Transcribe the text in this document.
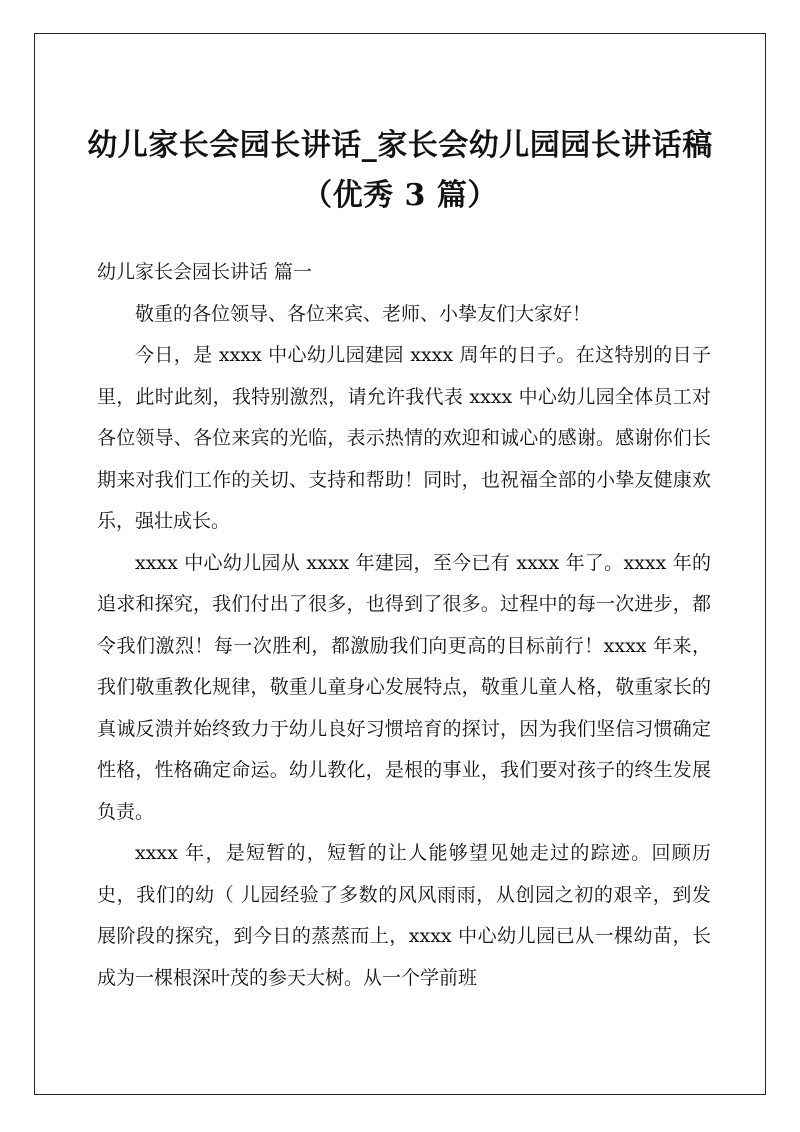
幼儿家长会园长讲话_家长会幼儿园园长讲话稿
（优秀 3 篇）

幼儿家长会园长讲话 篇一

敬重的各位领导、各位来宾、老师、小挚友们大家好！

今日，是 xxxx 中心幼儿园建园 xxxx 周年的日子。在这特别的日子里，此时此刻，我特别激烈，请允许我代表 xxxx 中心幼儿园全体员工对各位领导、各位来宾的光临，表示热情的欢迎和诚心的感谢。感谢你们长期来对我们工作的关切、支持和帮助！同时，也祝福全部的小挚友健康欢乐，强壮成长。

xxxx 中心幼儿园从 xxxx 年建园，至今已有 xxxx 年了。xxxx 年的追求和探究，我们付出了很多，也得到了很多。过程中的每一次进步，都令我们激烈！每一次胜利，都激励我们向更高的目标前行！xxxx 年来，我们敬重教化规律，敬重儿童身心发展特点，敬重儿童人格，敬重家长的真诚反溃并始终致力于幼儿良好习惯培育的探讨，因为我们坚信习惯确定性格，性格确定命运。幼儿教化，是根的事业，我们要对孩子的终生发展负责。

xxxx 年，是短暂的，短暂的让人能够望见她走过的踪迹。回顾历史，我们的幼（ 儿园经验了多数的风风雨雨，从创园之初的艰辛，到发展阶段的探究，到今日的蒸蒸而上，xxxx 中心幼儿园已从一棵幼苗，长成为一棵根深叶茂的参天大树。从一个学前班
